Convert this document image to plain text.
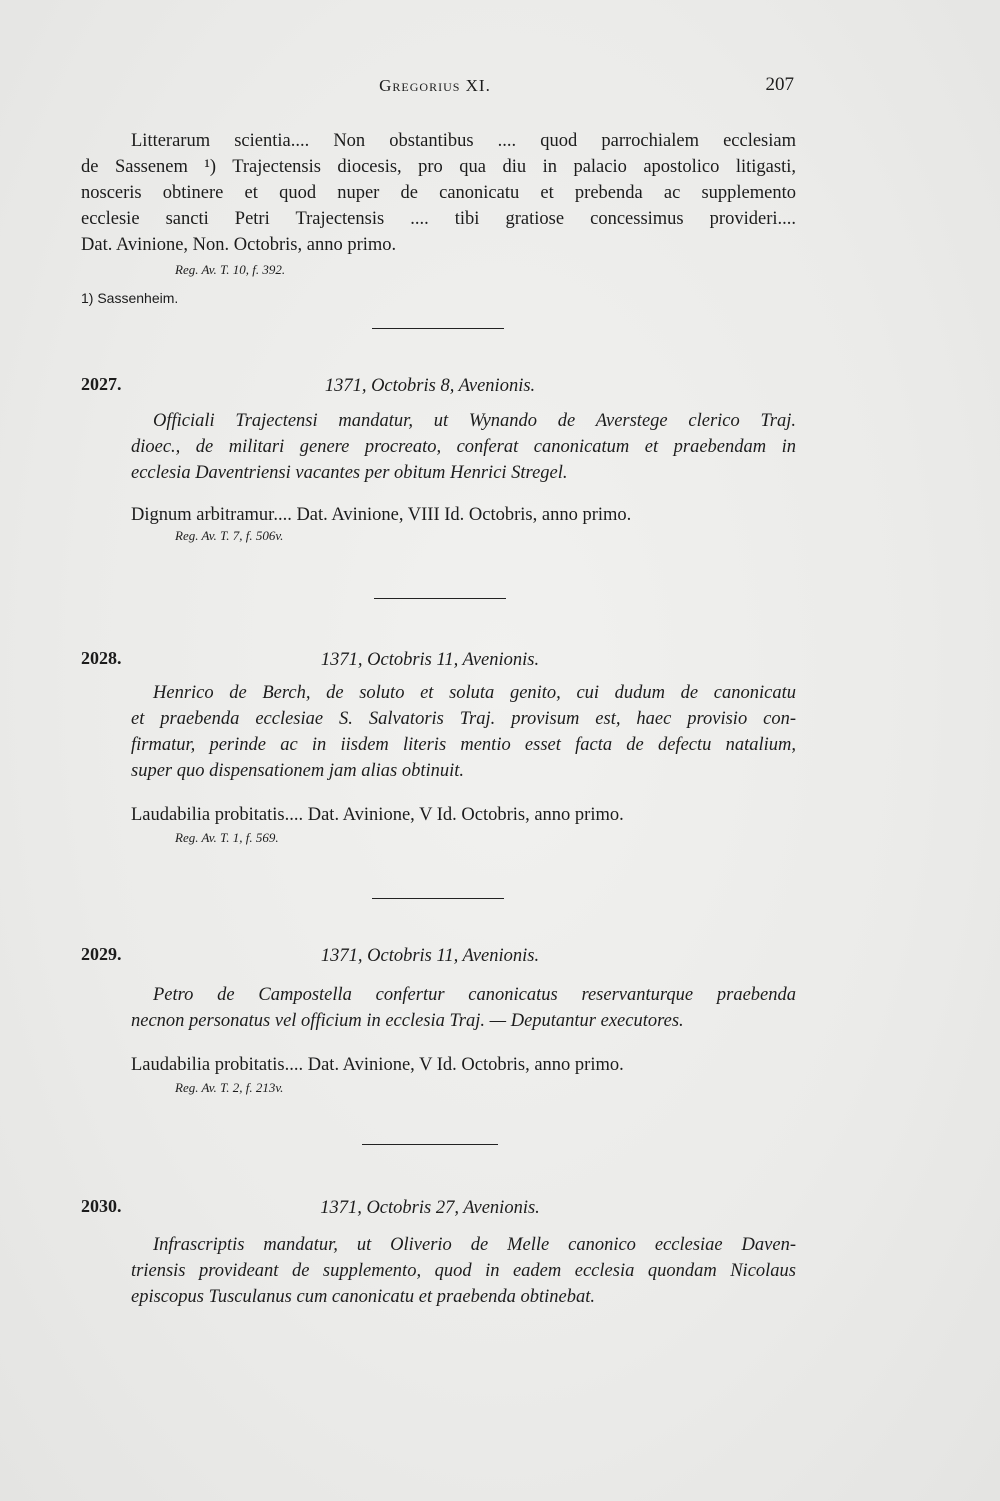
Gregorius XI.	207
Litterarum scientia.... Non obstantibus .... quod parrochialem ecclesiam
de Sassenem ¹) Trajectensis diocesis, pro qua diu in palacio apostolico litigasti,
nosceris obtinere et quod nuper de canonicatu et prebenda ac supplemento
ecclesie sancti Petri Trajectensis .... tibi gratiose concessimus provideri....
Dat. Avinione, Non. Octobris, anno primo.
Reg. Av. T. 10, f. 392.
1) Sassenheim.
2027.	1371, Octobris 8, Avenionis.
Officiali Trajectensi mandatur, ut Wynando de Averstege clerico Traj.
dioec., de militari genere procreato, conferat canonicatum et praebendam in
ecclesia Daventriensi vacantes per obitum Henrici Stregel.
Dignum arbitramur.... Dat. Avinione, VIII Id. Octobris, anno primo.
Reg. Av. T. 7, f. 506v.
2028.	1371, Octobris 11, Avenionis.
Henrico de Berch, de soluto et soluta genito, cui dudum de canonicatu
et praebenda ecclesiae S. Salvatoris Traj. provisum est, haec provisio con-
firmatur, perinde ac in iisdem literis mentio esset facta de defectu natalium,
super quo dispensationem jam alias obtinuit.
Laudabilia probitatis.... Dat. Avinione, V Id. Octobris, anno primo.
Reg. Av. T. 1, f. 569.
2029.	1371, Octobris 11, Avenionis.
Petro de Campostella confertur canonicatus reservanturque praebenda
necnon personatus vel officium in ecclesia Traj. — Deputantur executores.
Laudabilia probitatis.... Dat. Avinione, V Id. Octobris, anno primo.
Reg. Av. T. 2, f. 213v.
2030.	1371, Octobris 27, Avenionis.
Infrascriptis mandatur, ut Oliverio de Melle canonico ecclesiae Daven-
triensis provideant de supplemento, quod in eadem ecclesia quondam Nicolaus
episcopus Tusculanus cum canonicatu et praebenda obtinebat.
